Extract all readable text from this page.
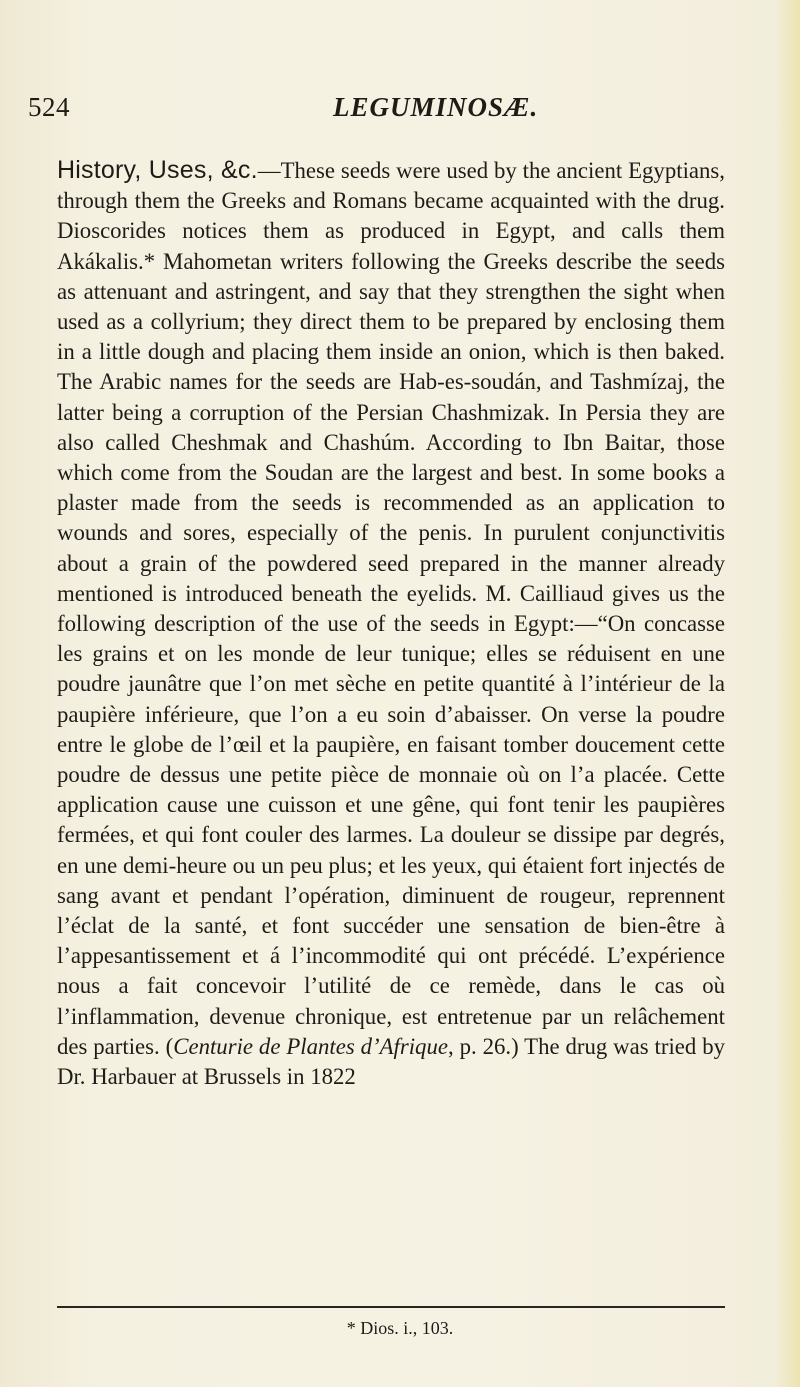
524	LEGUMINOSÆ.

History, Uses, &c.—These seeds were used by the ancient Egyptians, through them the Greeks and Romans became acquainted with the drug. Dioscorides notices them as produced in Egypt, and calls them Akákalis.* Mahometan writers following the Greeks describe the seeds as attenuant and astringent, and say that they strengthen the sight when used as a collyrium; they direct them to be prepared by enclosing them in a little dough and placing them inside an onion, which is then baked. The Arabic names for the seeds are Hab-es-soudán, and Tashmízaj, the latter being a corruption of the Persian Chashmizak. In Persia they are also called Cheshmak and Chashúm. According to Ibn Baitar, those which come from the Soudan are the largest and best. In some books a plaster made from the seeds is recommended as an application to wounds and sores, especially of the penis. In purulent conjunctivitis about a grain of the powdered seed prepared in the manner already mentioned is introduced beneath the eyelids. M. Cailliaud gives us the following description of the use of the seeds in Egypt:—“On concasse les grains et on les monde de leur tunique; elles se réduisent en une poudre jaunâtre que l’on met sèche en petite quantité à l’intérieur de la paupière inférieure, que l’on a eu soin d’abaisser. On verse la poudre entre le globe de l’œil et la paupière, en faisant tomber doucement cette poudre de dessus une petite pièce de monnaie où on l’a placée. Cette application cause une cuisson et une gêne, qui font tenir les paupières fermées, et qui font couler des larmes. La douleur se dissipe par degrés, en une demi-heure ou un peu plus; et les yeux, qui étaient fort injectés de sang avant et pendant l’opération, diminuent de rougeur, reprennent l’éclat de la santé, et font succéder une sensation de bien-être à l’appesantissement et á l’incommodité qui ont précédé. L’expérience nous a fait concevoir l’utilité de ce remède, dans le cas où l’inflammation, devenue chronique, est entretenue par un relâchement des parties. (Centurie de Plantes d’Afrique, p. 26.) The drug was tried by Dr. Harbauer at Brussels in 1822

* Dios. i., 103.
